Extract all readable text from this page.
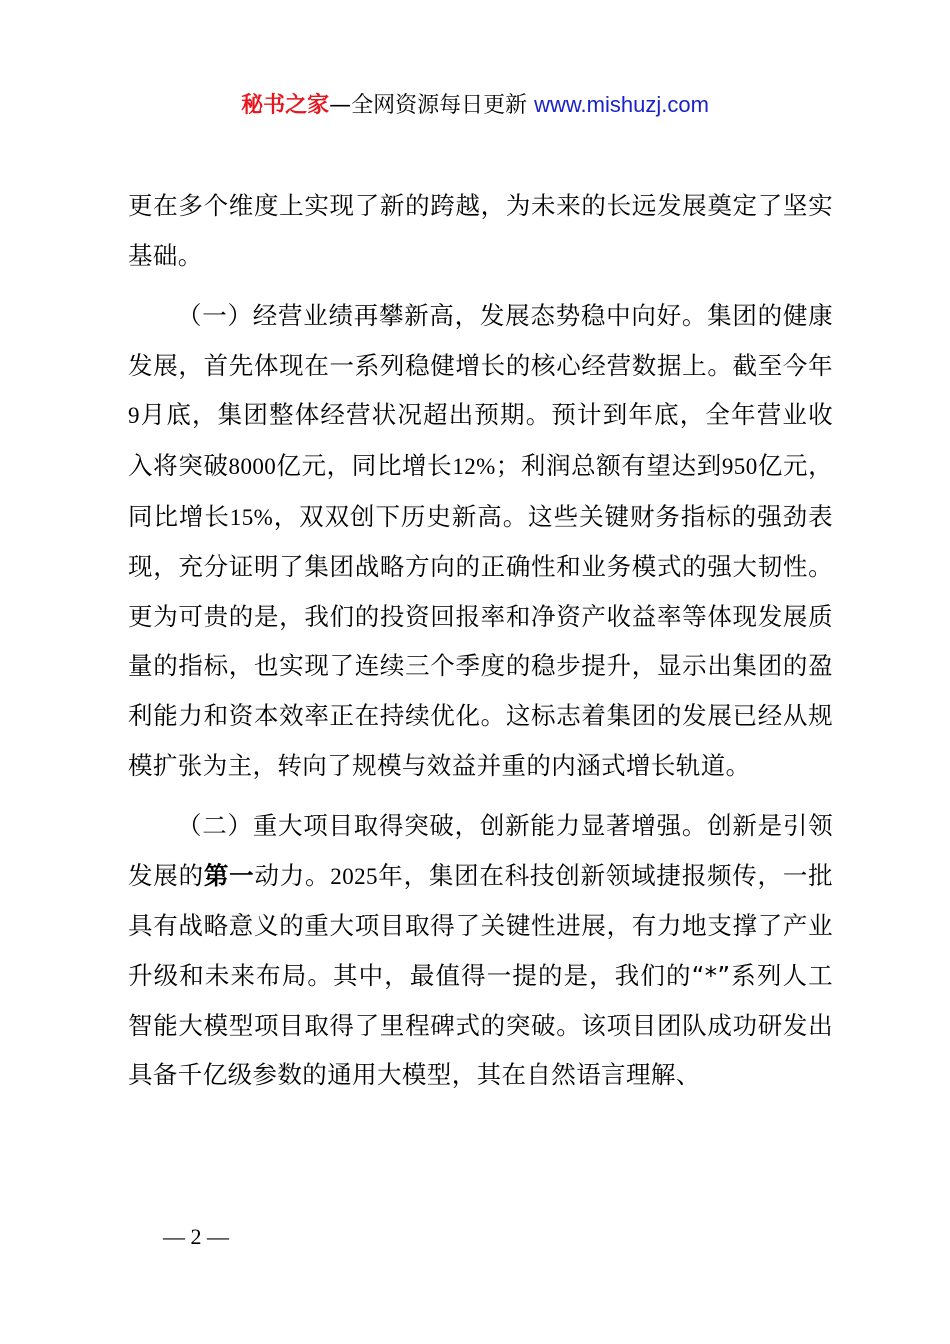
秘书之家—全网资源每日更新 www.mishuzj.com

更在多个维度上实现了新的跨越，为未来的长远发展奠定了坚实基础。

（一）经营业绩再攀新高，发展态势稳中向好。集团的健康发展，首先体现在一系列稳健增长的核心经营数据上。截至今年9月底，集团整体经营状况超出预期。预计到年底，全年营业收入将突破8000亿元，同比增长12%；利润总额有望达到950亿元，同比增长15%，双双创下历史新高。这些关键财务指标的强劲表现，充分证明了集团战略方向的正确性和业务模式的强大韧性。更为可贵的是，我们的投资回报率和净资产收益率等体现发展质量的指标，也实现了连续三个季度的稳步提升，显示出集团的盈利能力和资本效率正在持续优化。这标志着集团的发展已经从规模扩张为主，转向了规模与效益并重的内涵式增长轨道。

（二）重大项目取得突破，创新能力显著增强。创新是引领发展的第一动力。2025年，集团在科技创新领域捷报频传，一批具有战略意义的重大项目取得了关键性进展，有力地支撑了产业升级和未来布局。其中，最值得一提的是，我们的“*”系列人工智能大模型项目取得了里程碑式的突破。该项目团队成功研发出具备千亿级参数的通用大模型，其在自然语言理解、

— 2 —
